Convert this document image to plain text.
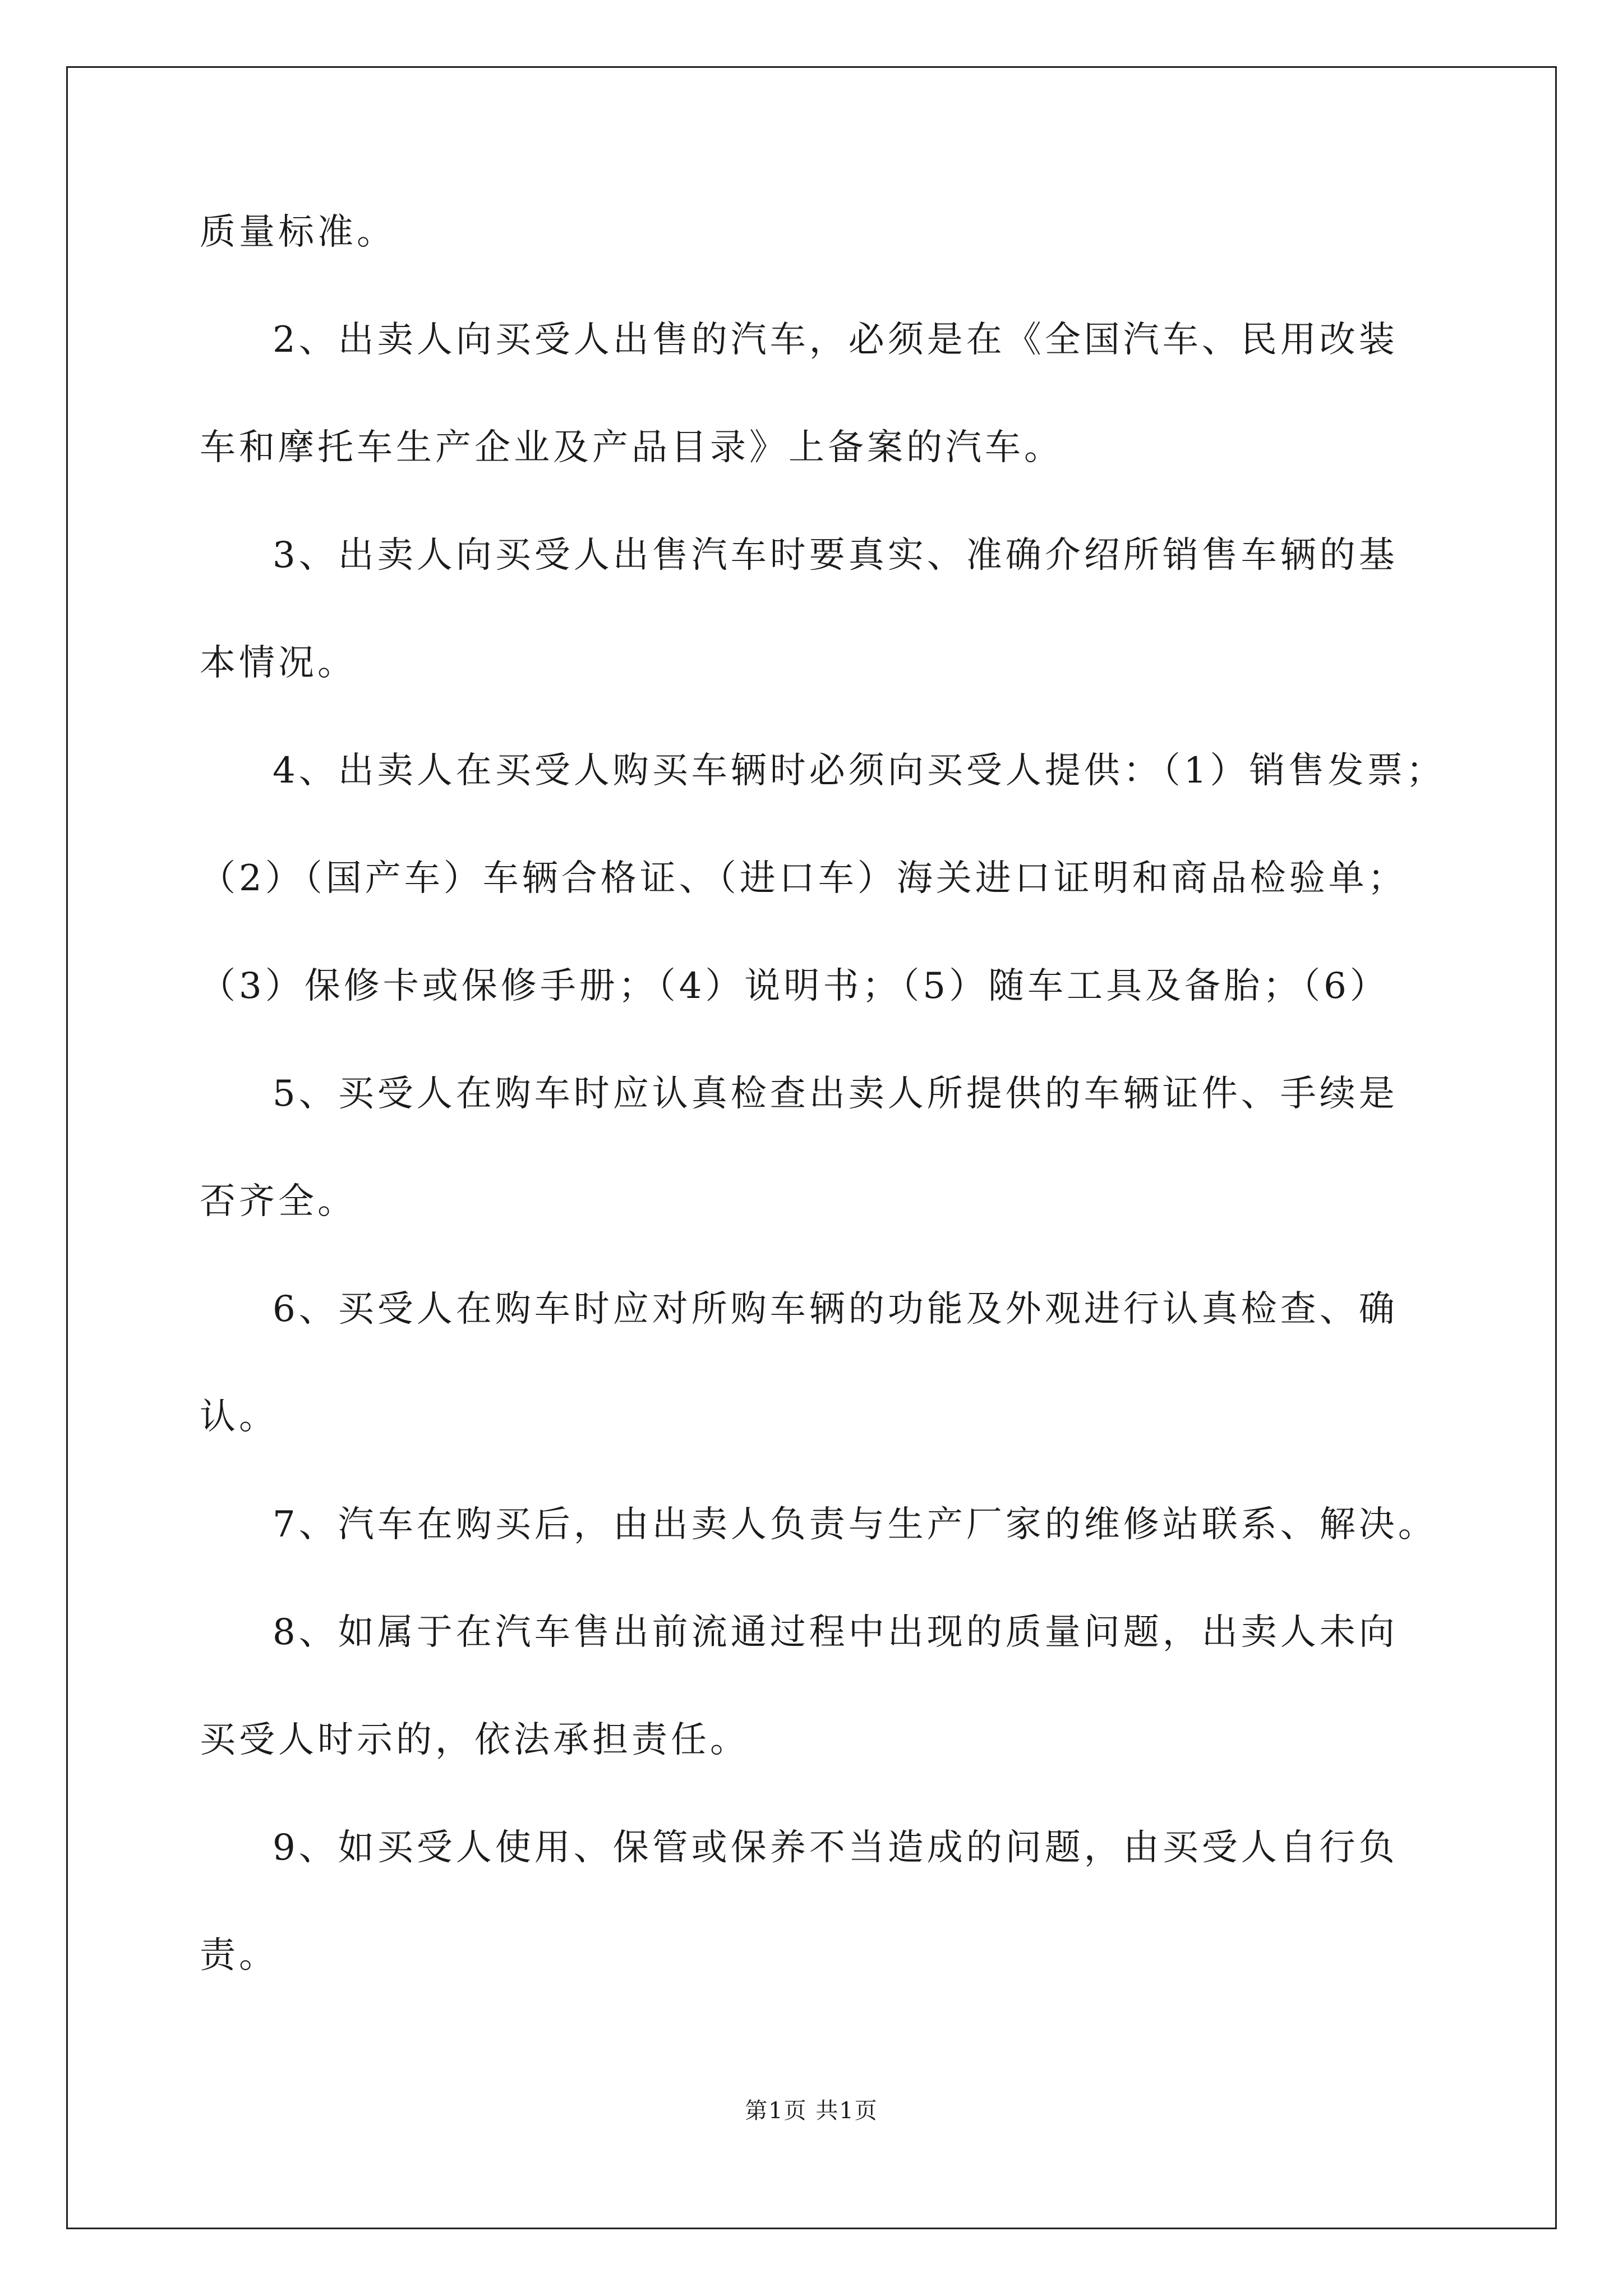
质量标准。
2、出卖人向买受人出售的汽车，必须是在《全国汽车、民用改装
车和摩托车生产企业及产品目录》上备案的汽车。
3、出卖人向买受人出售汽车时要真实、准确介绍所销售车辆的基
本情况。
4、出卖人在买受人购买车辆时必须向买受人提供：（1）销售发票；
（2）（国产车）车辆合格证、（进口车）海关进口证明和商品检验单；
（3）保修卡或保修手册；（4）说明书；（5）随车工具及备胎；（6）
5、买受人在购车时应认真检查出卖人所提供的车辆证件、手续是
否齐全。
6、买受人在购车时应对所购车辆的功能及外观进行认真检查、确
认。
7、汽车在购买后，由出卖人负责与生产厂家的维修站联系、解决。
8、如属于在汽车售出前流通过程中出现的质量问题，出卖人未向
买受人时示的，依法承担责任。
9、如买受人使用、保管或保养不当造成的问题，由买受人自行负
责。
第1页 共1页
